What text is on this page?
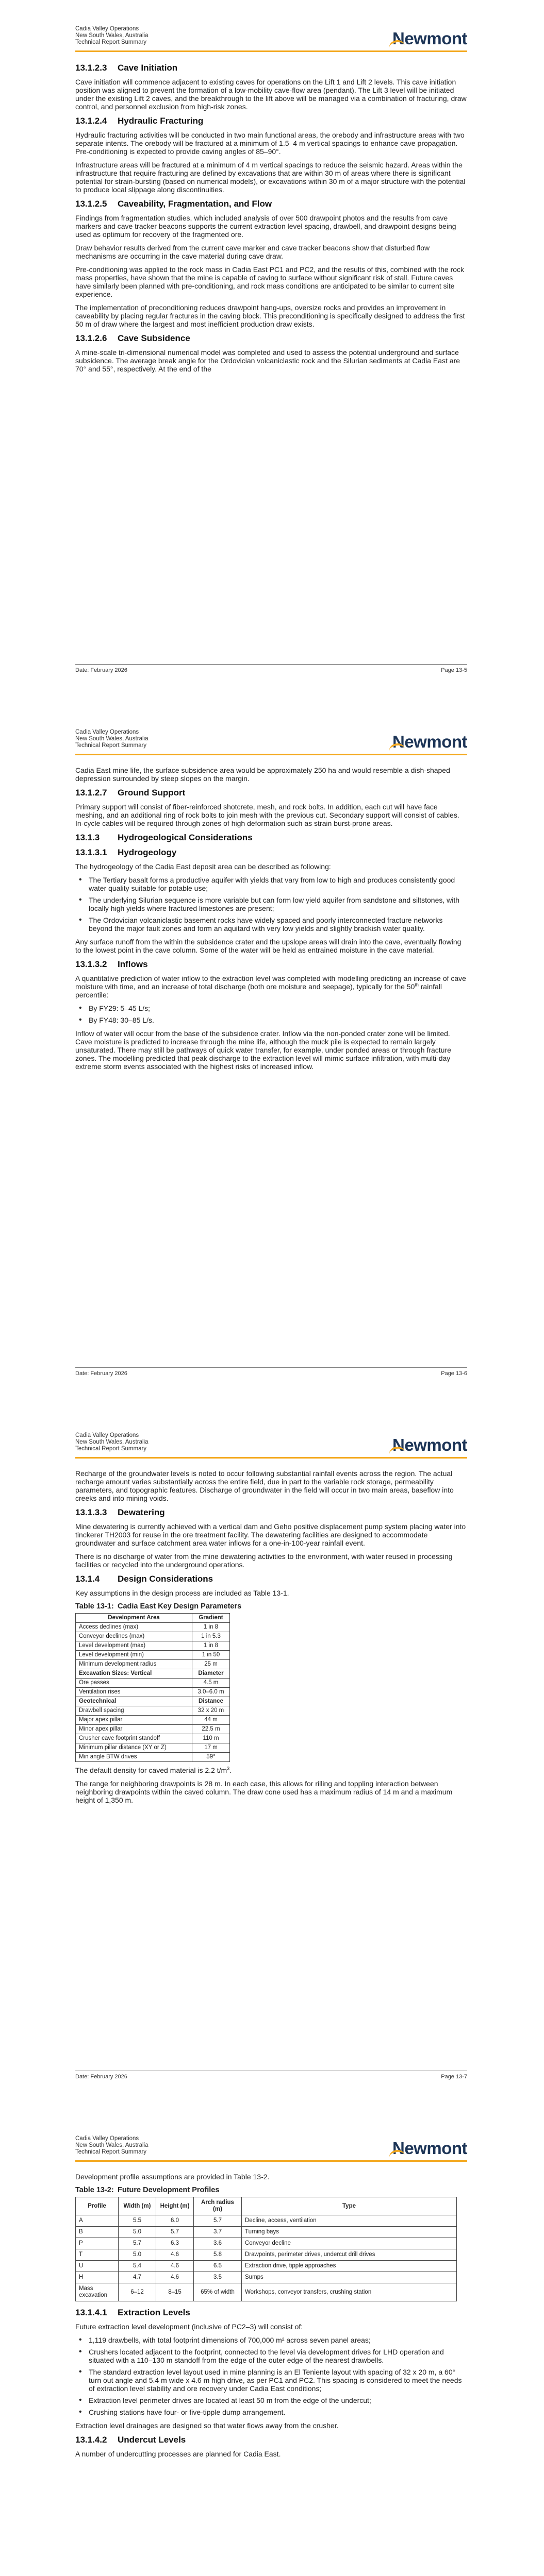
Cadia Valley Operations
New South Wales, Australia
Technical Report Summary	Newmont
13.1.2.3 Cave Initiation

Cave initiation will commence adjacent to existing caves for operations on the Lift 1 and Lift 2 levels. This cave initiation position was aligned to prevent the formation of a low-mobility cave-flow area (pendant). The Lift 3 level will be initiated under the existing Lift 2 caves, and the breakthrough to the lift above will be managed via a combination of fracturing, draw control, and personnel exclusion from high-risk zones.

13.1.2.4 Hydraulic Fracturing

Hydraulic fracturing activities will be conducted in two main functional areas, the orebody and infrastructure areas with two separate intents. The orebody will be fractured at a minimum of 1.5–4 m vertical spacings to enhance cave propagation. Pre-conditioning is expected to provide caving angles of 85–90°.

Infrastructure areas will be fractured at a minimum of 4 m vertical spacings to reduce the seismic hazard. Areas within the infrastructure that require fracturing are defined by excavations that are within 30 m of areas where there is significant potential for strain-bursting (based on numerical models), or excavations within 30 m of a major structure with the potential to produce local slippage along discontinuities.

13.1.2.5 Caveability, Fragmentation, and Flow

Findings from fragmentation studies, which included analysis of over 500 drawpoint photos and the results from cave markers and cave tracker beacons supports the current extraction level spacing, drawbell, and drawpoint designs being used as optimum for recovery of the fragmented ore.

Draw behavior results derived from the current cave marker and cave tracker beacons show that disturbed flow mechanisms are occurring in the cave material during cave draw.

Pre-conditioning was applied to the rock mass in Cadia East PC1 and PC2, and the results of this, combined with the rock mass properties, have shown that the mine is capable of caving to surface without significant risk of stall. Future caves have similarly been planned with pre-conditioning, and rock mass conditions are anticipated to be similar to current site experience.

The implementation of preconditioning reduces drawpoint hang-ups, oversize rocks and provides an improvement in caveability by placing regular fractures in the caving block. This preconditioning is specifically designed to address the first 50 m of draw where the largest and most inefficient production draw exists.

13.1.2.6 Cave Subsidence

A mine-scale tri-dimensional numerical model was completed and used to assess the potential underground and surface subsidence. The average break angle for the Ordovician volcaniclastic rock and the Silurian sediments at Cadia East are 70° and 55°, respectively. At the end of the

Date: February 2026	Page 13-5
Cadia Valley Operations
New South Wales, Australia
Technical Report Summary	Newmont

Cadia East mine life, the surface subsidence area would be approximately 250 ha and would resemble a dish-shaped depression surrounded by steep slopes on the margin.

13.1.2.7 Ground Support

Primary support will consist of fiber-reinforced shotcrete, mesh, and rock bolts. In addition, each cut will have face meshing, and an additional ring of rock bolts to join mesh with the previous cut. Secondary support will consist of cables. In-cycle cables will be required through zones of high deformation such as strain burst-prone areas.

13.1.3 Hydrogeological Considerations
13.1.3.1 Hydrogeology

The hydrogeology of the Cadia East deposit area can be described as following:

• The Tertiary basalt forms a productive aquifer with yields that vary from low to high and produces consistently good water quality suitable for potable use;
• The underlying Silurian sequence is more variable but can form low yield aquifer from sandstone and siltstones, with locally high yields where fractured limestones are present;
• The Ordovician volcaniclastic basement rocks have widely spaced and poorly interconnected fracture networks beyond the major fault zones and form an aquitard with very low yields and slightly brackish water quality.

Any surface runoff from the within the subsidence crater and the upslope areas will drain into the cave, eventually flowing to the lowest point in the cave column. Some of the water will be held as entrained moisture in the cave material.

13.1.3.2 Inflows

A quantitative prediction of water inflow to the extraction level was completed with modelling predicting an increase of cave moisture with time, and an increase of total discharge (both ore moisture and seepage), typically for the 50th rainfall percentile:

• By FY29: 5–45 L/s;
• By FY48: 30–85 L/s.

Inflow of water will occur from the base of the subsidence crater. Inflow via the non-ponded crater zone will be limited. Cave moisture is predicted to increase through the mine life, although the muck pile is expected to remain largely unsaturated. There may still be pathways of quick water transfer, for example, under ponded areas or through fracture zones. The modelling predicted that peak discharge to the extraction level will mimic surface infiltration, with multi-day extreme storm events associated with the highest risks of increased inflow.

Date: February 2026	Page 13-6
Cadia Valley Operations
New South Wales, Australia
Technical Report Summary	Newmont

Recharge of the groundwater levels is noted to occur following substantial rainfall events across the region. The actual recharge amount varies substantially across the entire field, due in part to the variable rock storage, permeability parameters, and topographic features. Discharge of groundwater in the field will occur in two main areas, baseflow into creeks and into mining voids.

13.1.3.3 Dewatering

Mine dewatering is currently achieved with a vertical dam and Geho positive displacement pump system placing water into tinckerer TH2003 for reuse in the ore treatment facility. The dewatering facilities are designed to accommodate groundwater and surface catchment area water inflows for a one-in-100-year rainfall event.

There is no discharge of water from the mine dewatering activities to the environment, with water reused in processing facilities or recycled into the underground operations.

13.1.4 Design Considerations

Key assumptions in the design process are included as Table 13-1.

Table 13-1: Cadia East Key Design Parameters
Development Area	Gradient
Access declines (max)	1 in 8
Conveyor declines (max)	1 in 5.3
Level development (max)	1 in 8
Level development (min)	1 in 50
Minimum development radius	25 m
Excavation Sizes: Vertical	Diameter
Ore passes	4.5 m
Ventilation rises	3.0–6.0 m
Geotechnical	Distance
Drawbell spacing	32 x 20 m
Major apex pillar	44 m
Minor apex pillar	22.5 m
Crusher cave footprint standoff	110 m
Minimum pillar distance (XY or Z)	17 m
Min angle BTW drives	59°

The default density for caved material is 2.2 $t/m^3$.

The range for neighboring drawpoints is 28 m. In each case, this allows for rilling and toppling interaction between neighboring drawpoints within the caved column. The draw cone used has a maximum radius of 14 m and a maximum height of 1,350 m.

Date: February 2026	Page 13-7
Cadia Valley Operations
New South Wales, Australia
Technical Report Summary	Newmont

Development profile assumptions are provided in Table 13-2.

Table 13-2: Future Development Profiles
Profile	Width (m)	Height (m)	Arch radius (m)	Type
A	5.5	6.0	5.7	Decline, access, ventilation
B	5.0	5.7	3.7	Turning bays
P	5.7	6.3	3.6	Conveyor decline
T	5.0	4.6	5.8	Drawpoints, perimeter drives, undercut drill drives
U	5.4	4.6	6.5	Extraction drive, tipple approaches
H	4.7	4.6	3.5	Sumps
Mass excavation	6–12	8–15	65% of width	Workshops, conveyor transfers, crushing station
13.1.4.1 Extraction Levels

Future extraction level development (inclusive of PC2–3) will consist of:

• 1,119 drawbells, with total footprint dimensions of 700,000 m² across seven panel areas;
• Crushers located adjacent to the footprint, connected to the level via development drives for LHD operation and situated with a 110–130 m standoff from the edge of the outer edge of the nearest drawbells.
• The standard extraction level layout used in mine planning is an El Teniente layout with spacing of 32 x 20 m, a 60° turn out angle and 5.4 m wide x 4.6 m high drive, as per PC1 and PC2. This spacing is considered to meet the needs of extraction level stability and ore recovery under Cadia East conditions;
• Extraction level perimeter drives are located at least 50 m from the edge of the undercut;
• Crushing stations have four- or five-tipple dump arrangement.

Extraction level drainages are designed so that water flows away from the crusher.

13.1.4.2 Undercut Levels

A number of undercutting processes are planned for Cadia East.
